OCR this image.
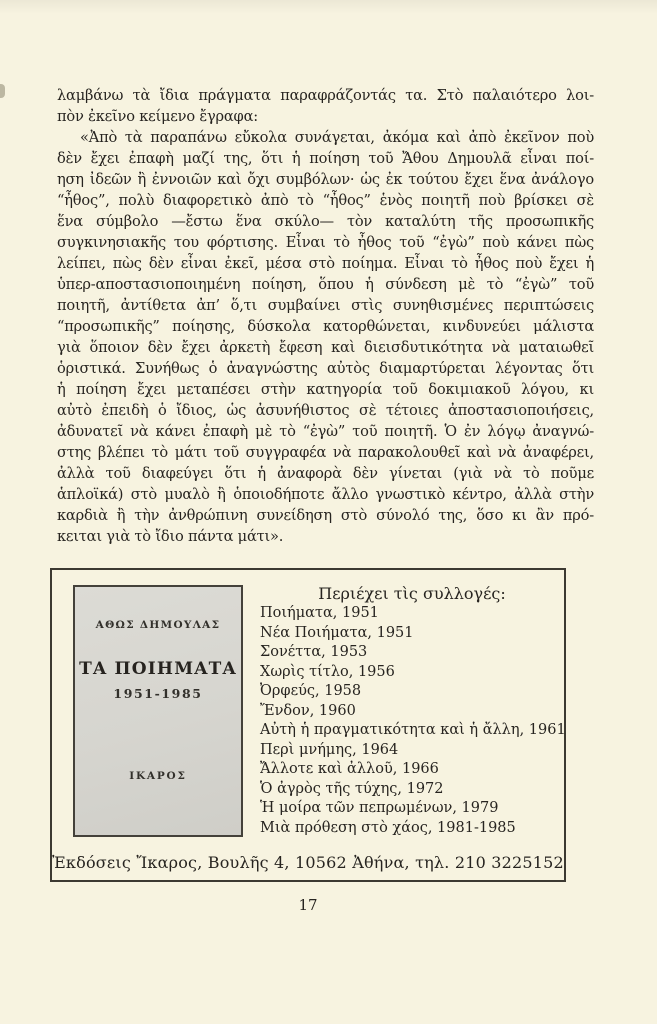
λαμβάνω τὰ ἴδια πράγματα παραφράζοντάς τα. Στὸ παλαιότερο λοι-
πὸν ἐκεῖνο κείμενο ἔγραφα:
«Ἀπὸ τὰ παραπάνω εὔκολα συνάγεται, ἀκόμα καὶ ἀπὸ ἐκεῖνον ποὺ
δὲν ἔχει ἐπαφὴ μαζί της, ὅτι ἡ ποίηση τοῦ Ἄθου Δημουλᾶ εἶναι ποί-
ηση ἰδεῶν ἢ ἐννοιῶν καὶ ὄχι συμβόλων· ὡς ἐκ τούτου ἔχει ἕνα ἀνάλογο
“ἦθος”, πολὺ διαφορετικὸ ἀπὸ τὸ “ἦθος” ἑνὸς ποιητῆ ποὺ βρίσκει σὲ
ἕνα σύμβολο —ἔστω ἕνα σκύλο— τὸν καταλύτη τῆς προσωπικῆς
συγκινησιακῆς του φόρτισης. Εἶναι τὸ ἦθος τοῦ “ἐγὼ” ποὺ κάνει πὼς
λείπει, πὼς δὲν εἶναι ἐκεῖ, μέσα στὸ ποίημα. Εἶναι τὸ ἦθος ποὺ ἔχει ἡ
ὑπερ-αποστασιοποιημένη ποίηση, ὅπου ἡ σύνδεση μὲ τὸ “ἐγὼ” τοῦ
ποιητῆ, ἀντίθετα ἀπ’ ὅ,τι συμβαίνει στὶς συνηθισμένες περιπτώσεις
“προσωπικῆς” ποίησης, δύσκολα κατορθώνεται, κινδυνεύει μάλιστα
γιὰ ὅποιον δὲν ἔχει ἀρκετὴ ἔφεση καὶ διεισδυτικότητα νὰ ματαιωθεῖ
ὁριστικά. Συνήθως ὁ ἀναγνώστης αὐτὸς διαμαρτύρεται λέγοντας ὅτι
ἡ ποίηση ἔχει μεταπέσει στὴν κατηγορία τοῦ δοκιμιακοῦ λόγου, κι
αὐτὸ ἐπειδὴ ὁ ἴδιος, ὡς ἀσυνήθιστος σὲ τέτοιες ἀποστασιοποιήσεις,
ἀδυνατεῖ νὰ κάνει ἐπαφὴ μὲ τὸ “ἐγὼ” τοῦ ποιητῆ. Ὁ ἐν λόγῳ ἀναγνώ-
στης βλέπει τὸ μάτι τοῦ συγγραφέα νὰ παρακολουθεῖ καὶ νὰ ἀναφέρει,
ἀλλὰ τοῦ διαφεύγει ὅτι ἡ ἀναφορὰ δὲν γίνεται (γιὰ νὰ τὸ ποῦμε
ἁπλοϊκά) στὸ μυαλὸ ἢ ὁποιοδήποτε ἄλλο γνωστικὸ κέντρο, ἀλλὰ στὴν
καρδιὰ ἢ τὴν ἀνθρώπινη συνείδηση στὸ σύνολό της, ὅσο κι ἂν πρό-
κειται γιὰ τὸ ἴδιο πάντα μάτι».
ΑΘΩΣ ΔΗΜΟΥΛΑΣ
ΤΑ ΠΟΙΗΜΑΤΑ
1951-1985
ΙΚΑΡΟΣ
Περιέχει τὶς συλλογές:
Ποιήματα, 1951
Νέα Ποιήματα, 1951
Σονέττα, 1953
Χωρὶς τίτλο, 1956
Ὀρφεύς, 1958
Ἔνδον, 1960
Αὐτὴ ἡ πραγματικότητα καὶ ἡ ἄλλη, 1961
Περὶ μνήμης, 1964
Ἄλλοτε καὶ ἀλλοῦ, 1966
Ὁ ἀγρὸς τῆς τύχης, 1972
Ἡ μοίρα τῶν πεπρωμένων, 1979
Μιὰ πρόθεση στὸ χάος, 1981-1985
Ἐκδόσεις Ἴκαρος, Βουλῆς 4, 10562 Ἀθήνα, τηλ. 210 3225152
17
